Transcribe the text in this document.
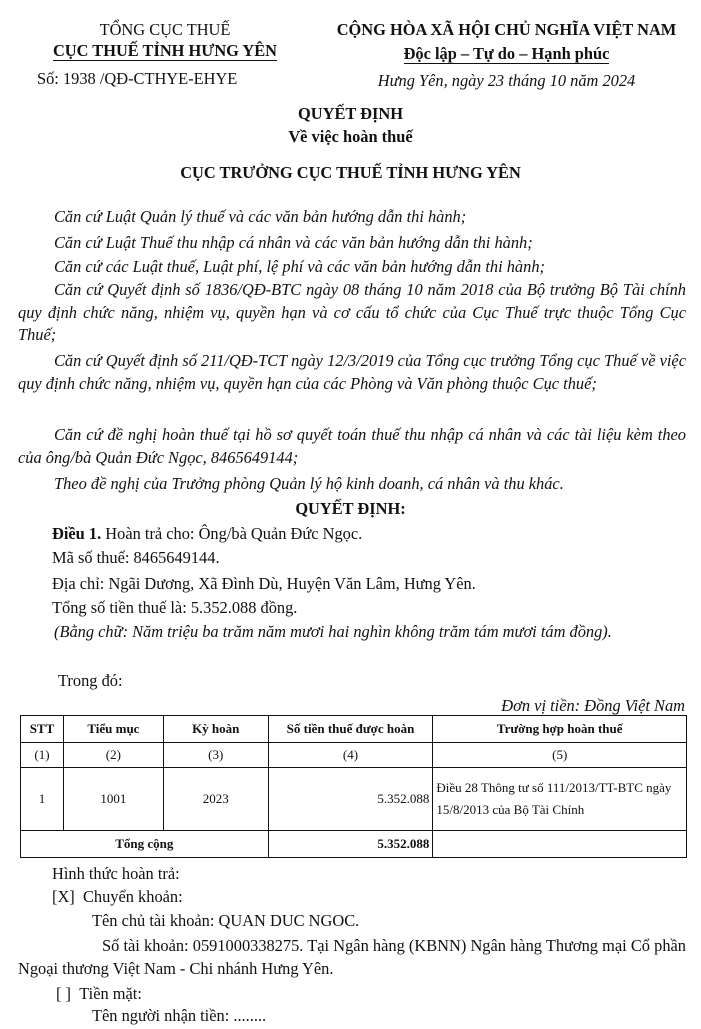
TỔNG CỤC THUẾ
CỤC THUẾ TỈNH HƯNG YÊN
Số: 1938 /QĐ-CTHYE-EHYE
CỘNG HÒA XÃ HỘI CHỦ NGHĨA VIỆT NAM
Độc lập – Tự do – Hạnh phúc
Hưng Yên, ngày 23 tháng 10 năm 2024
QUYẾT ĐỊNH
Về việc hoàn thuế
CỤC TRƯỞNG CỤC THUẾ TỈNH HƯNG YÊN
Căn cứ Luật Quản lý thuế và các văn bản hướng dẫn thi hành;
Căn cứ Luật Thuế thu nhập cá nhân và các văn bản hướng dẫn thi hành;
Căn cứ các Luật thuế, Luật phí, lệ phí và các văn bản hướng dẫn thi hành;
Căn cứ Quyết định số 1836/QĐ-BTC ngày 08 tháng 10 năm 2018 của Bộ trưởng Bộ Tài chính quy định chức năng, nhiệm vụ, quyền hạn và cơ cấu tổ chức của Cục Thuế trực thuộc Tổng Cục Thuế;
Căn cứ Quyết định số 211/QĐ-TCT ngày 12/3/2019 của Tổng cục trưởng Tổng cục Thuế về việc quy định chức năng, nhiệm vụ, quyền hạn của các Phòng và Văn phòng thuộc Cục thuế;
Căn cứ đề nghị hoàn thuế tại hồ sơ quyết toán thuế thu nhập cá nhân và các tài liệu kèm theo của ông/bà Quản Đức Ngọc, 8465649144;
Theo đề nghị của Trưởng phòng Quản lý hộ kinh doanh, cá nhân và thu khác.
QUYẾT ĐỊNH:
Điều 1. Hoàn trả cho: Ông/bà Quản Đức Ngọc.
Mã số thuế: 8465649144.
Địa chỉ: Ngãi Dương, Xã Đình Dù, Huyện Văn Lâm, Hưng Yên.
Tổng số tiền thuế là: 5.352.088 đồng.
(Bằng chữ: Năm triệu ba trăm năm mươi hai nghìn không trăm tám mươi tám đồng).
Trong đó:
Đơn vị tiền: Đồng Việt Nam
STT	Tiểu mục	Kỳ hoàn	Số tiền thuế được hoàn	Trường hợp hoàn thuế
(1)	(2)	(3)	(4)	(5)
1	1001	2023	5.352.088	Điều 28 Thông tư số 111/2013/TT-BTC ngày 15/8/2013 của Bộ Tài Chính
Tổng cộng			5.352.088	
Hình thức hoàn trả:
[X] Chuyển khoản:
Tên chủ tài khoản: QUAN DUC NGOC.
Số tài khoản: 0591000338275. Tại Ngân hàng (KBNN) Ngân hàng Thương mại Cổ phần Ngoại thương Việt Nam - Chi nhánh Hưng Yên.
[ ] Tiền mặt:
Tên người nhận tiền: ........
